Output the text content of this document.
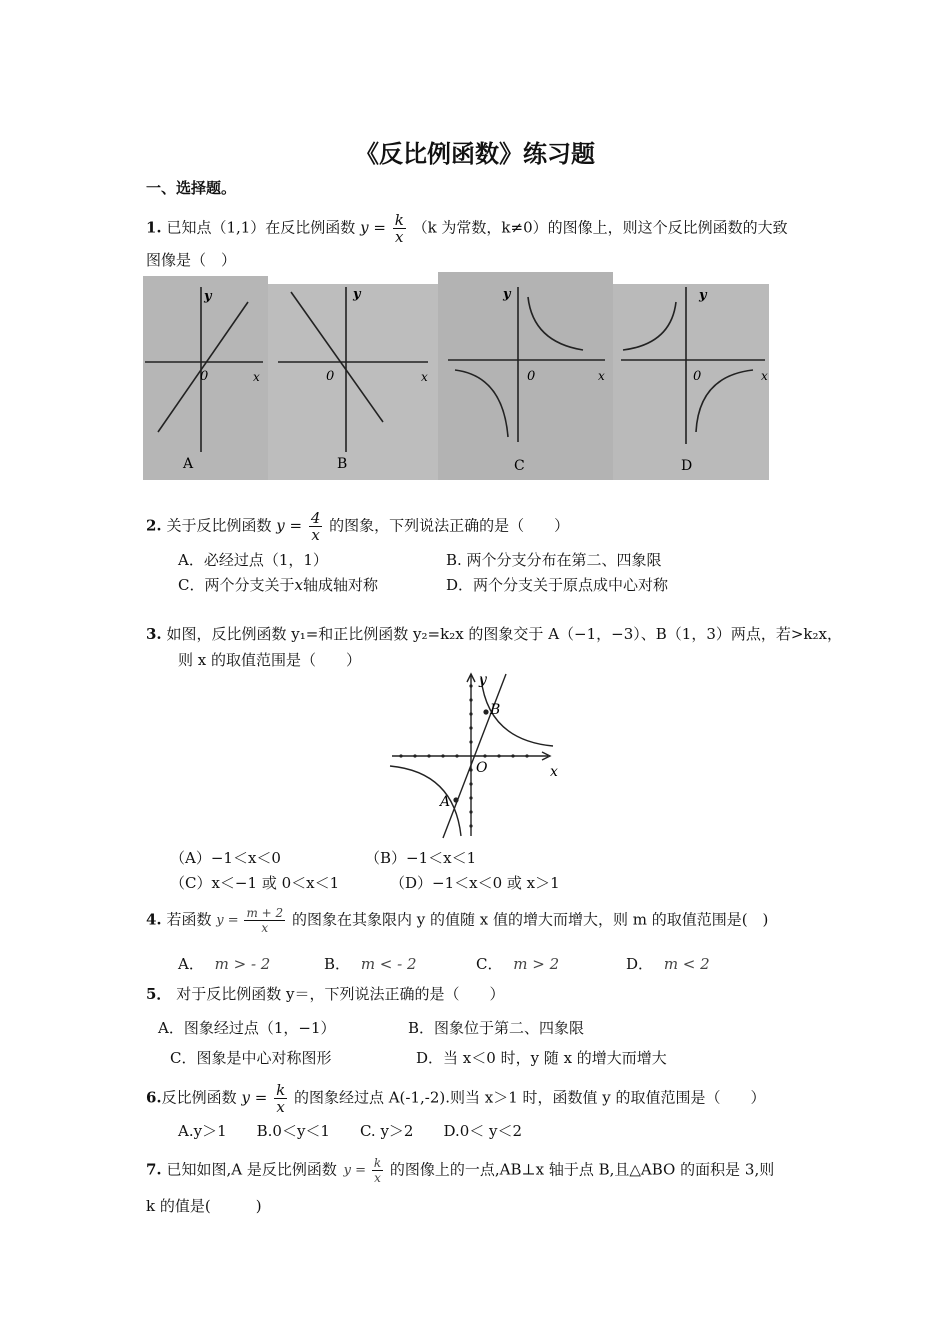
《反比例函数》练习题
一、选择题。
1. 已知点（1,1）在反比例函数 $y = \frac{k}{x} (k$ 为常数，k≠0）的图像上，则这个反比例函数的大致
图像是（　）
y
x
0
A
y
x
0
B
y
x
0
C
y
x
0
D
2. 关于反比例函数 $y = \frac{4}{x}$ 的图象，下列说法正确的是（　　）
A．必经过点（1，1）	B. 两个分支分布在第二、四象限
C．两个分支关于x轴成轴对称	D．两个分支关于原点成中心对称
3. 如图，反比例函数 y₁=和正比例函数 y₂=k₂x 的图象交于 A（−1，−3）、B（1，3）两点，若>k₂x，
则 x 的取值范围是（　　）
y
x
O
B
A
（A）−1＜x＜0	（B）−1＜x＜1
（C）x＜−1 或 0＜x＜1	（D）−1＜x＜0 或 x＞1
4. 若函数 $y = \frac{m + 2}{x}$ 的图象在其象限内 y 的值随 x 值的增大而增大，则 m 的取值范围是(　)
A． m > - 2	B． m < - 2	C． m > 2	D． m < 2
5． 对于反比例函数 y＝，下列说法正确的是（　　）
A．图象经过点（1，−1）	B．图象位于第二、四象限
C．图象是中心对称图形	D．当 x＜0 时，y 随 x 的增大而增大
6.反比例函数 $y = \frac{k}{x}$ 的图象经过点 A(-1,-2).则当 x＞1 时，函数值 y 的取值范围是（　　）
A.y＞1　　B.0＜y＜1　　C. y＞2　　D.0＜ y＜2
7. 已知如图,A 是反比例函数 $y = \frac{k}{x}$ 的图像上的一点,AB⊥x 轴于点 B,且△ABO 的面积是 3,则
k 的值是(　　　)
